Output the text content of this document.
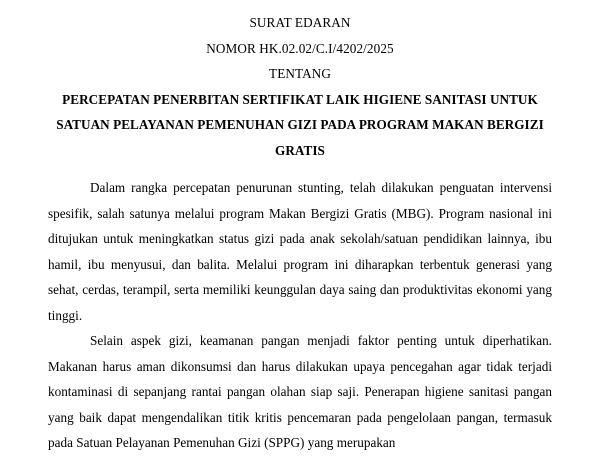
SURAT EDARAN
NOMOR HK.02.02/C.I/4202/2025
TENTANG
PERCEPATAN PENERBITAN SERTIFIKAT LAIK HIGIENE SANITASI UNTUK
SATUAN PELAYANAN PEMENUHAN GIZI PADA PROGRAM MAKAN BERGIZI
GRATIS

Dalam rangka percepatan penurunan stunting, telah dilakukan penguatan intervensi spesifik, salah satunya melalui program Makan Bergizi Gratis (MBG). Program nasional ini ditujukan untuk meningkatkan status gizi pada anak sekolah/satuan pendidikan lainnya, ibu hamil, ibu menyusui, dan balita. Melalui program ini diharapkan terbentuk generasi yang sehat, cerdas, terampil, serta memiliki keunggulan daya saing dan produktivitas ekonomi yang tinggi.

Selain aspek gizi, keamanan pangan menjadi faktor penting untuk diperhatikan. Makanan harus aman dikonsumsi dan harus dilakukan upaya pencegahan agar tidak terjadi kontaminasi di sepanjang rantai pangan olahan siap saji. Penerapan higiene sanitasi pangan yang baik dapat mengendalikan titik kritis pencemaran pada pengelolaan pangan, termasuk pada Satuan Pelayanan Pemenuhan Gizi (SPPG) yang merupakan
